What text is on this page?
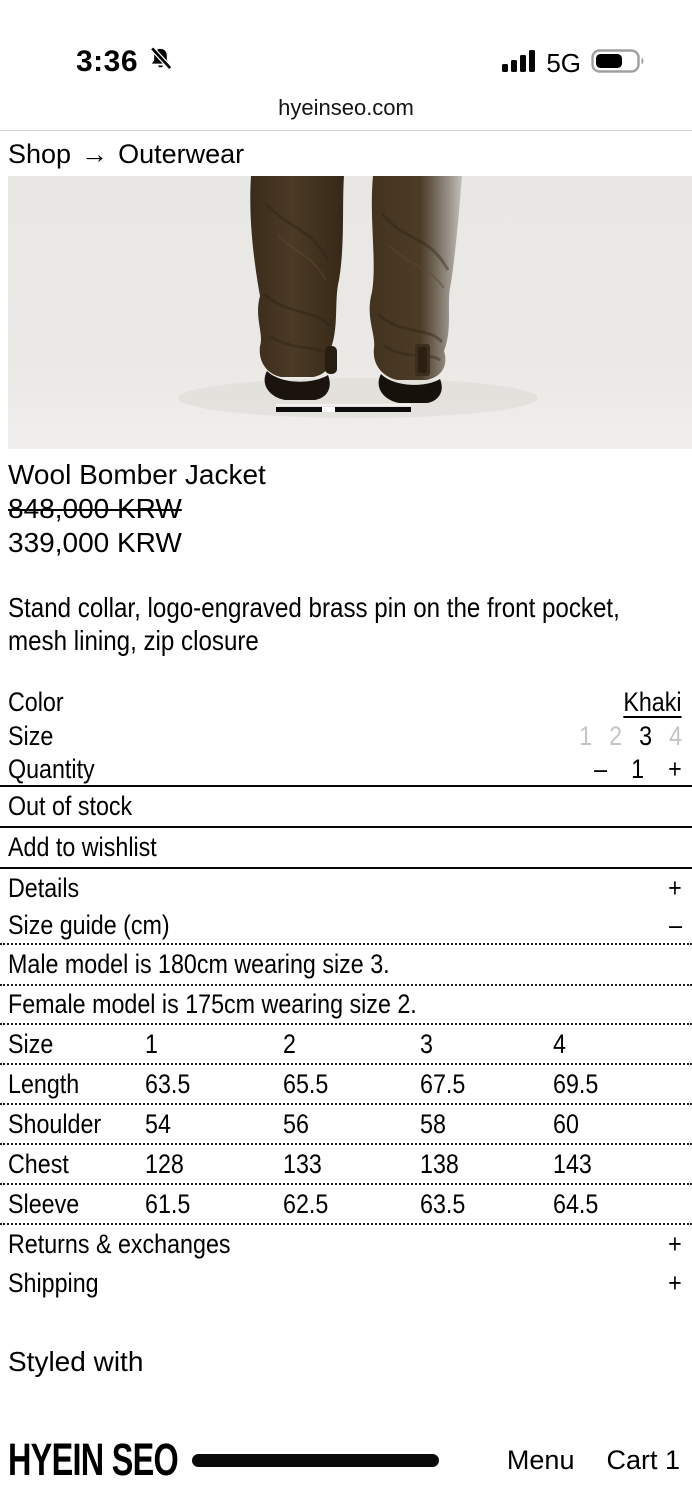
3:36	5G
hyeinseo.com
Shop → Outerwear
Wool Bomber Jacket
848,000 KRW
339,000 KRW
Stand collar, logo-engraved brass pin on the front pocket, mesh lining, zip closure
Color	Khaki
Size	1 2 3 4
Quantity	– 1 +
Out of stock
Add to wishlist
Details	+
Size guide (cm)	–
Male model is 180cm wearing size 3.
Female model is 175cm wearing size 2.
Size	1	2	3	4
Length	63.5	65.5	67.5	69.5
Shoulder	54	56	58	60
Chest	128	133	138	143
Sleeve	61.5	62.5	63.5	64.5
Returns & exchanges	+
Shipping	+
Styled with
HYEIN SEO	Menu Cart 1
